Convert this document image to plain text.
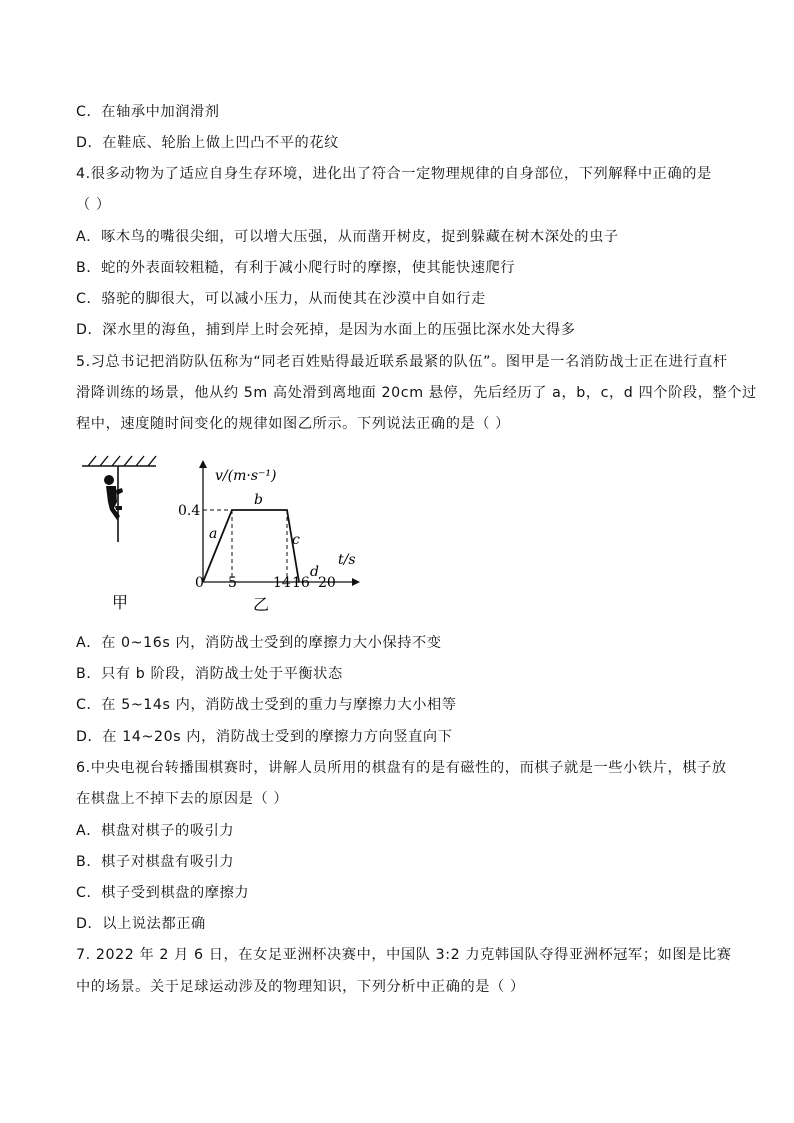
C．在轴承中加润滑剂
D．在鞋底、轮胎上做上凹凸不平的花纹
4.很多动物为了适应自身生存环境，进化出了符合一定物理规律的自身部位，下列解释中正确的是
（ ）
A．啄木鸟的嘴很尖细，可以增大压强，从而凿开树皮，捉到躲藏在树木深处的虫子
B．蛇的外表面较粗糙，有利于减小爬行时的摩擦，使其能快速爬行
C．骆驼的脚很大，可以减小压力，从而使其在沙漠中自如行走
D．深水里的海鱼，捕到岸上时会死掉，是因为水面上的压强比深水处大得多
5.习总书记把消防队伍称为“同老百姓贴得最近联系最紧的队伍”。图甲是一名消防战士正在进行直杆
滑降训练的场景，他从约 5m 高处滑到离地面 20cm 悬停，先后经历了 a，b，c，d 四个阶段，整个过
程中，速度随时间变化的规律如图乙所示。下列说法正确的是（ ）
v/(m·s⁻¹)
0.4
t/s
0 5	14 16 20
a
b
c
d
甲	乙
A．在 0~16s 内，消防战士受到的摩擦力大小保持不变
B．只有 b 阶段，消防战士处于平衡状态
C．在 5~14s 内，消防战士受到的重力与摩擦力大小相等
D．在 14~20s 内，消防战士受到的摩擦力方向竖直向下
6.中央电视台转播围棋赛时，讲解人员所用的棋盘有的是有磁性的，而棋子就是一些小铁片，棋子放
在棋盘上不掉下去的原因是（ ）
A．棋盘对棋子的吸引力
B．棋子对棋盘有吸引力
C．棋子受到棋盘的摩擦力
D．以上说法都正确
7. 2022 年 2 月 6 日，在女足亚洲杯决赛中，中国队 3:2 力克韩国队夺得亚洲杯冠军；如图是比赛
中的场景。关于足球运动涉及的物理知识，下列分析中正确的是（ ）
